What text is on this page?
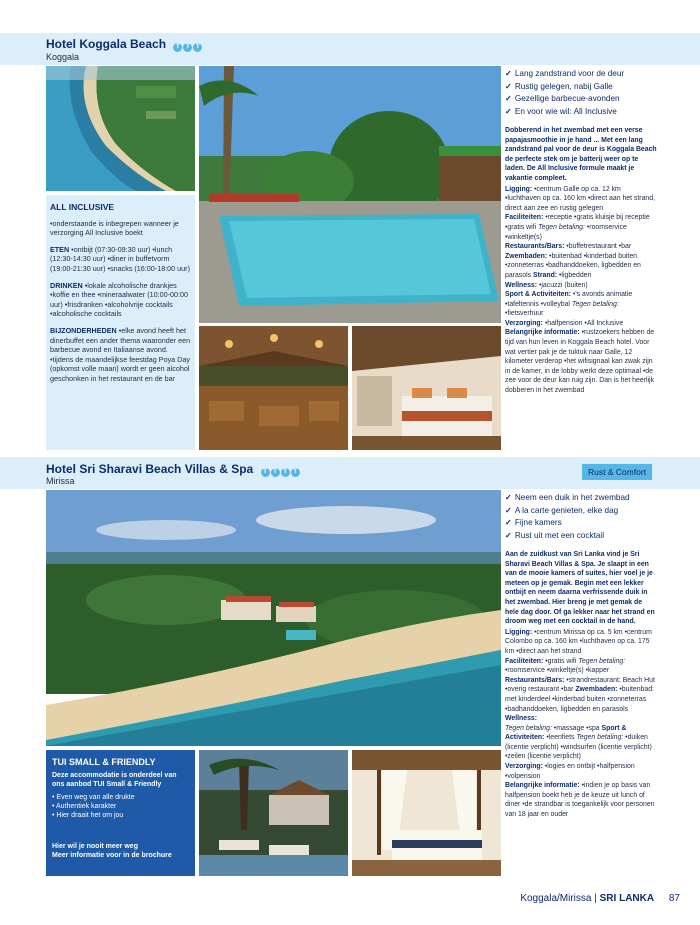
Hotel Koggala Beach T T T
Koggala
ALL INCLUSIVE

•onderstaande is inbegrepen wanneer je verzorging All Inclusive boekt

ETEN •ontbijt (07:30-09:30 uur) •lunch (12:30-14:30 uur) •diner in buffetvorm (19:00-21:30 uur) •snacks (16:00-18:00 uur)

DRINKEN •lokale alcoholische drankjes •koffie en thee •mineraalwater (10:00-00:00 uur) •frisdranken •alcoholvrije cocktails •alcoholische cocktails

BIJZONDERHEDEN •elke avond heeft het dinerbuffet een ander thema waaronder een barbecue avond en Italiaanse avond. •tijdens de maandelijkse feestdag Poya Day (opkomst volle maan) wordt er geen alcohol geschonken in het restaurant en de bar

✓ Lang zandstrand voor de deur
✓ Rustig gelegen, nabij Galle
✓ Gezellige barbecue-avonden
✓ En voor wie wil: All Inclusive
Dobberend in het zwembad met een verse papajasmoothie in je hand ... Met een lang zandstrand pal voor de deur is Koggala Beach de perfecte stek om je batterij weer op te laden. De All Inclusive formule maakt je vakantie compleet.
Ligging: •centrum Galle op ca. 12 km •luchthaven op ca. 160 km •direct aan het strand, direct aan zee en rustig gelegen
Faciliteiten: •receptie •gratis kluisje bij receptie •gratis wifi Tegen betaling: •roomservice •winkeltje(s)
Restaurants/Bars: •buffetrestaurant •bar
Zwembaden: •buitenbad •kinderbad buiten •zonneterras •badhanddoeken, ligbedden en parasols Strand: •ligbedden
Wellness: •jacuzzi (buiten)
Sport & Activiteiten: •'s avonds animatie •tafeltennis •volleybal Tegen betaling: •fietsverhuur
Verzorging: •halfpension •All Inclusive
Belangrijke informatie: •rustzoekers hebben de tijd van hun leven in Koggala Beach hotel. Voor wat vertier pak je de tuktuk naar Galle, 12 kilometer verderop •het wifisignaal kan zwak zijn in de kamer, in de lobby werkt deze optimaal •de zee voor de deur kan ruig zijn. Dan is het heerlijk dobberen in het zwembad
Hotel Sri Sharavi Beach Villas & Spa T T T T
Mirissa
Rust & Comfort
TUI SMALL & FRIENDLY
Deze accommodatie is onderdeel van ons aanbod TUI Small & Friendly
• Even weg van alle drukte
• Authentiek karakter
• Hier draait het om jou
Hier wil je nooit meer weg
Meer informatie voor in de brochure
✓ Neem een duik in het zwembad
✓ A la carte genieten, elke dag
✓ Fijne kamers
✓ Rust uit met een cocktail
Aan de zuidkust van Sri Lanka vind je Sri Sharavi Beach Villas & Spa. Je slaapt in een van de mooie kamers of suites, hier voel je je meteen op je gemak. Begin met een lekker ontbijt en neem daarna verfrissende duik in het zwembad. Hier breng je met gemak de hele dag door. Of ga lekker naar het strand en droom weg met een cocktail in de hand.
Ligging: •centrum Mirissa op ca. 5 km •centrum Colombo op ca. 160 km •luchthaven op ca. 175 km •direct aan het strand
Faciliteiten: •gratis wifi Tegen betaling: •roomservice •winkeltje(s) •kapper
Restaurants/Bars: •strandrestaurant: Beach Hut •overig restaurant •bar Zwembaden: •buitenbad: met kinderdeel •kinderbad buiten •zonneterras •badhanddoeken, ligbedden en parasols Wellness:
Tegen betaling: •massage •spa Sport & Activiteiten: •leenfiets Tegen betaling: •duiken (licentie verplicht) •windsurfen (licentie verplicht) •zeilen (licentie verplicht)
Verzorging: •logies en ontbijt •halfpension •volpension
Belangrijke informatie: •indien je op basis van halfpension boekt heb je de keuze uit lunch of diner •de strandbar is toegankelijk voor personen van 18 jaar en ouder
Koggala/Mirissa | SRI LANKA 87
